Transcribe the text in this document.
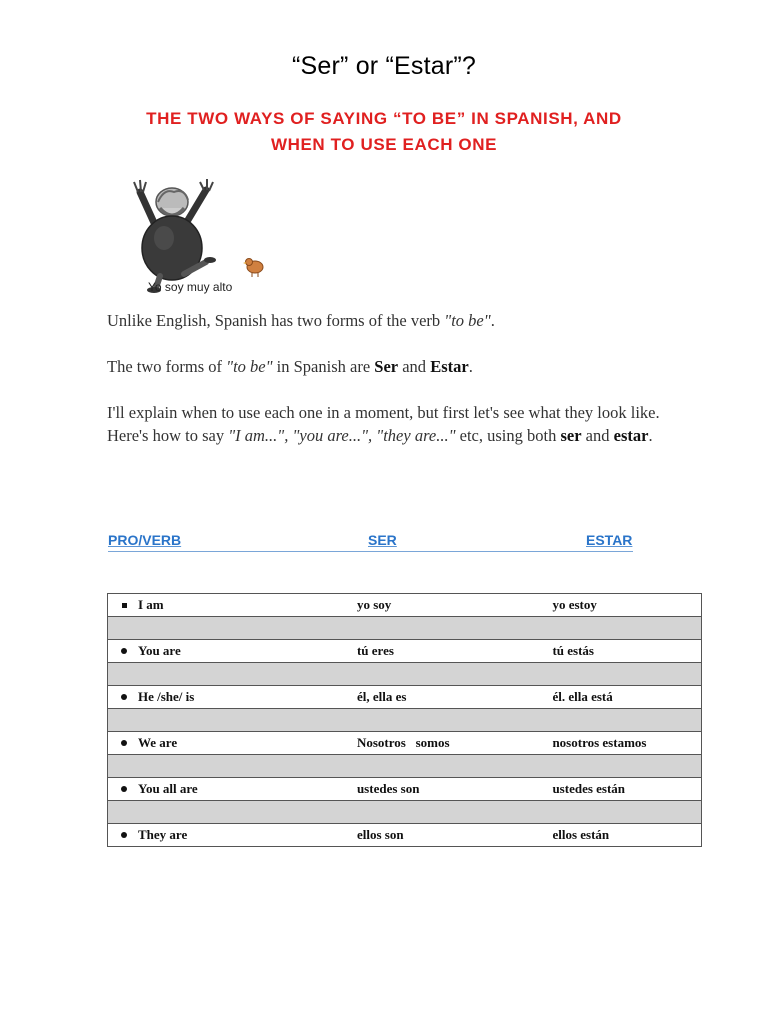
“Ser” or “Estar”?
THE TWO WAYS OF SAYING “TO BE” IN SPANISH, AND
WHEN TO USE EACH ONE
Yo soy muy alto
Unlike English, Spanish has two forms of the verb "to be".
The two forms of "to be" in Spanish are Ser and Estar.
I'll explain when to use each one in a moment, but first let's see what they look like. Here's how to say "I am...", "you are...", "they are..." etc, using both ser and estar.
PRO/VERB	SER	ESTAR
I am	yo soy	yo estoy

You are	tú eres	tú estás

He /she/ is	él, ella es	él. ella está

We are	Nosotros   somos	nosotros estamos

You all are	ustedes son	ustedes están

They are	ellos son	ellos están
